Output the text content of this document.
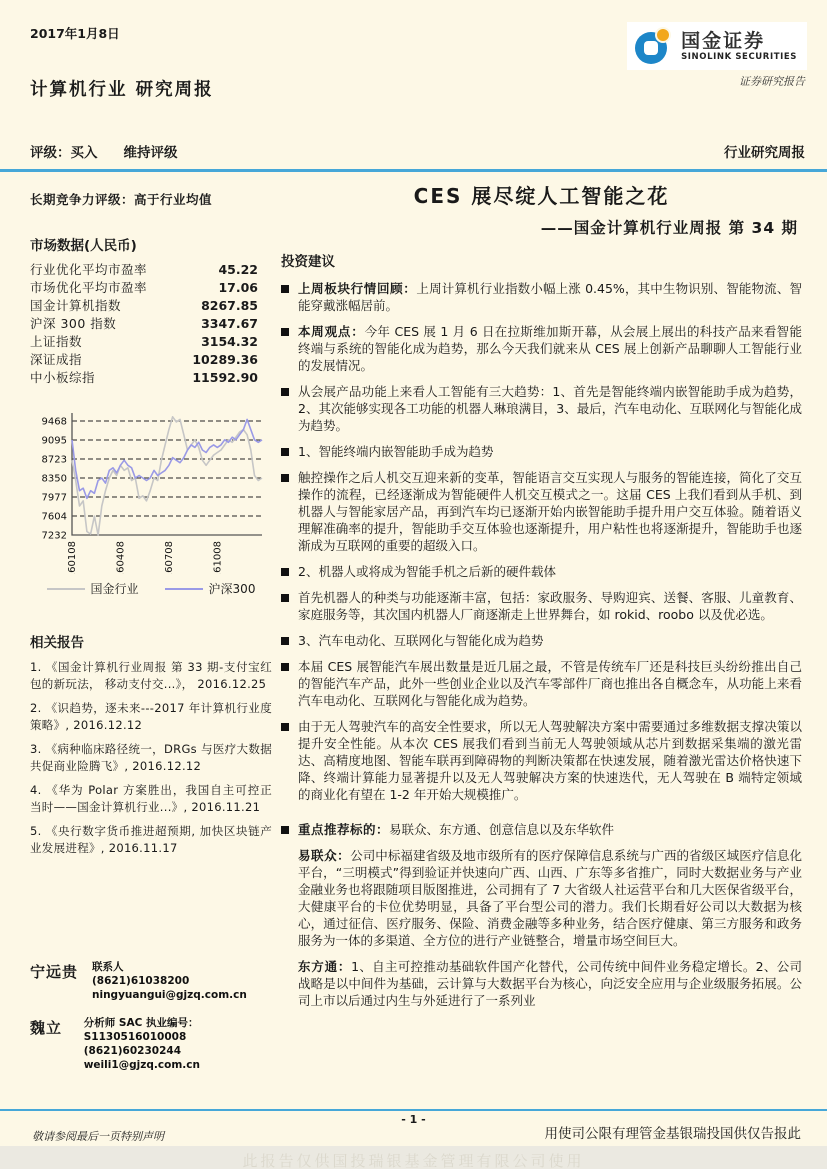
2017年1月8日	国金证券
SINOLINK SECURITIES
证券研究报告
计算机行业 研究周报
评级：买入 维持评级	行业研究周报
长期竞争力评级：高于行业均值
市场数据(人民币)
行业优化平均市盈率	45.22
市场优化平均市盈率	17.06
国金计算机指数	8267.85
沪深 300 指数	3347.67
上证指数	3154.32
深证成指	10289.36
中小板综指	11592.90
9468
9095
8723
8350
7977
7604
7232
160108	160408	160708	161008
国金行业	沪深300
相关报告
1. 《国金计算机行业周报 第 33 期-支付宝红包的新玩法， 移动支付交...》， 2016.12.25
2. 《识趋势，逐未来---2017 年计算机行业度策略》, 2016.12.12
3. 《病种临床路径统一，DRGs 与医疗大数据共促商业险腾飞》, 2016.12.12
4. 《华为 Polar 方案胜出，我国自主可控正当时——国金计算机行业...》, 2016.11.21
5. 《央行数字货币推进超预期, 加快区块链产业发展进程》, 2016.11.17
宁远贵	联系人
(8621)61038200
ningyuangui@gjzq.com.cn
魏立	分析师 SAC 执业编号：S1130516010008
(8621)60230244
weili1@gjzq.com.cn
CES 展尽绽人工智能之花
——国金计算机行业周报 第 34 期
投资建议
上周板块行情回顾：上周计算机行业指数小幅上涨 0.45%，其中生物识别、智能物流、智能穿戴涨幅居前。
本周观点：今年 CES 展 1 月 6 日在拉斯维加斯开幕，从会展上展出的科技产品来看智能终端与系统的智能化成为趋势，那么今天我们就来从 CES 展上创新产品聊聊人工智能行业的发展情况。
从会展产品功能上来看人工智能有三大趋势：1、首先是智能终端内嵌智能助手成为趋势，2、其次能够实现各工功能的机器人琳琅满目，3、最后，汽车电动化、互联网化与智能化成为趋势。
1、智能终端内嵌智能助手成为趋势
触控操作之后人机交互迎来新的变革，智能语言交互实现人与服务的智能连接，简化了交互操作的流程，已经逐渐成为智能硬件人机交互模式之一。这届 CES 上我们看到从手机、到机器人与智能家居产品，再到汽车均已逐渐开始内嵌智能助手提升用户交互体验。随着语义理解准确率的提升，智能助手交互体验也逐渐提升，用户粘性也将逐渐提升，智能助手也逐渐成为互联网的重要的超级入口。
2、机器人或将成为智能手机之后新的硬件载体
首先机器人的种类与功能逐渐丰富，包括：家政服务、导购迎宾、送餐、客服、儿童教育、家庭服务等，其次国内机器人厂商逐渐走上世界舞台，如 rokid、roobo 以及优必选。
3、汽车电动化、互联网化与智能化成为趋势
本届 CES 展智能汽车展出数量是近几届之最，不管是传统车厂还是科技巨头纷纷推出自己的智能汽车产品，此外一些创业企业以及汽车零部件厂商也推出各自概念车，从功能上来看汽车电动化、互联网化与智能化成为趋势。
由于无人驾驶汽车的高安全性要求，所以无人驾驶解决方案中需要通过多维数据支撑决策以提升安全性能。从本次 CES 展我们看到当前无人驾驶领域从芯片到数据采集端的激光雷达、高精度地图、智能车联再到障碍物的判断决策都在快速发展，随着激光雷达价格快速下降、终端计算能力显著提升以及无人驾驶解决方案的快速迭代，无人驾驶在 B 端特定领域的商业化有望在 1-2 年开始大规模推广。
重点推荐标的：易联众、东方通、创意信息以及东华软件
易联众：公司中标福建省级及地市级所有的医疗保障信息系统与广西的省级区域医疗信息化平台，“三明模式”得到验证并快速向广西、山西、广东等多省推广，同时大数据业务与产业金融业务也将跟随项目版图推进，公司拥有了 7 大省级人社运营平台和几大医保省级平台，大健康平台的卡位优势明显，具备了平台型公司的潜力。我们长期看好公司以大数据为核心，通过征信、医疗服务、保险、消费金融等多种业务，结合医疗健康、第三方服务和政务服务为一体的多渠道、全方位的进行产业链整合，增量市场空间巨大。
东方通：1、自主可控推动基础软件国产化替代，公司传统中间件业务稳定增长。2、公司战略是以中间件为基础，云计算与大数据平台为核心，向泛安全应用与企业级服务拓展。公司上市以后通过内生与外延进行了一系列业
- 1 -
敬请参阅最后一页特别声明	用使司公限有理管金基银瑞投国供仅告报此
此报告仅供国投瑞银基金管理有限公司使用
